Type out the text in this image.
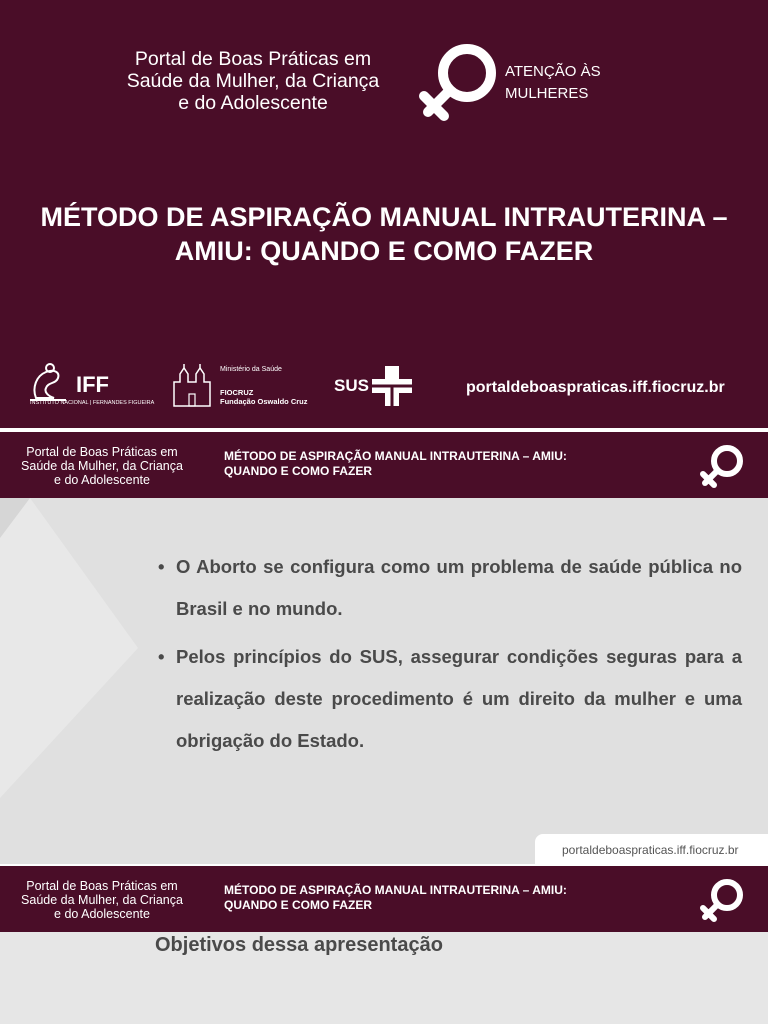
Portal de Boas Práticas em
Saúde da Mulher, da Criança
e do Adolescente
ATENÇÃO ÀS
MULHERES
MÉTODO DE ASPIRAÇÃO MANUAL INTRAUTERINA –
AMIU: QUANDO E COMO FAZER
IFF
INSTITUTO NACIONAL | FERNANDES FIGUEIRA
Ministério da Saúde
FIOCRUZ
Fundação Oswaldo Cruz
SUS	portaldeboaspraticas.iff.fiocruz.br
Portal de Boas Práticas em
Saúde da Mulher, da Criança
e do Adolescente
MÉTODO DE ASPIRAÇÃO MANUAL INTRAUTERINA – AMIU:
QUANDO E COMO FAZER
• O Aborto se configura como um problema de saúde pública no Brasil e no mundo.
• Pelos princípios do SUS, assegurar condições seguras para a realização deste procedimento é um direito da mulher e uma obrigação do Estado.
portaldeboaspraticas.iff.fiocruz.br
Portal de Boas Práticas em
Saúde da Mulher, da Criança
e do Adolescente
MÉTODO DE ASPIRAÇÃO MANUAL INTRAUTERINA – AMIU:
QUANDO E COMO FAZER
Objetivos dessa apresentação
